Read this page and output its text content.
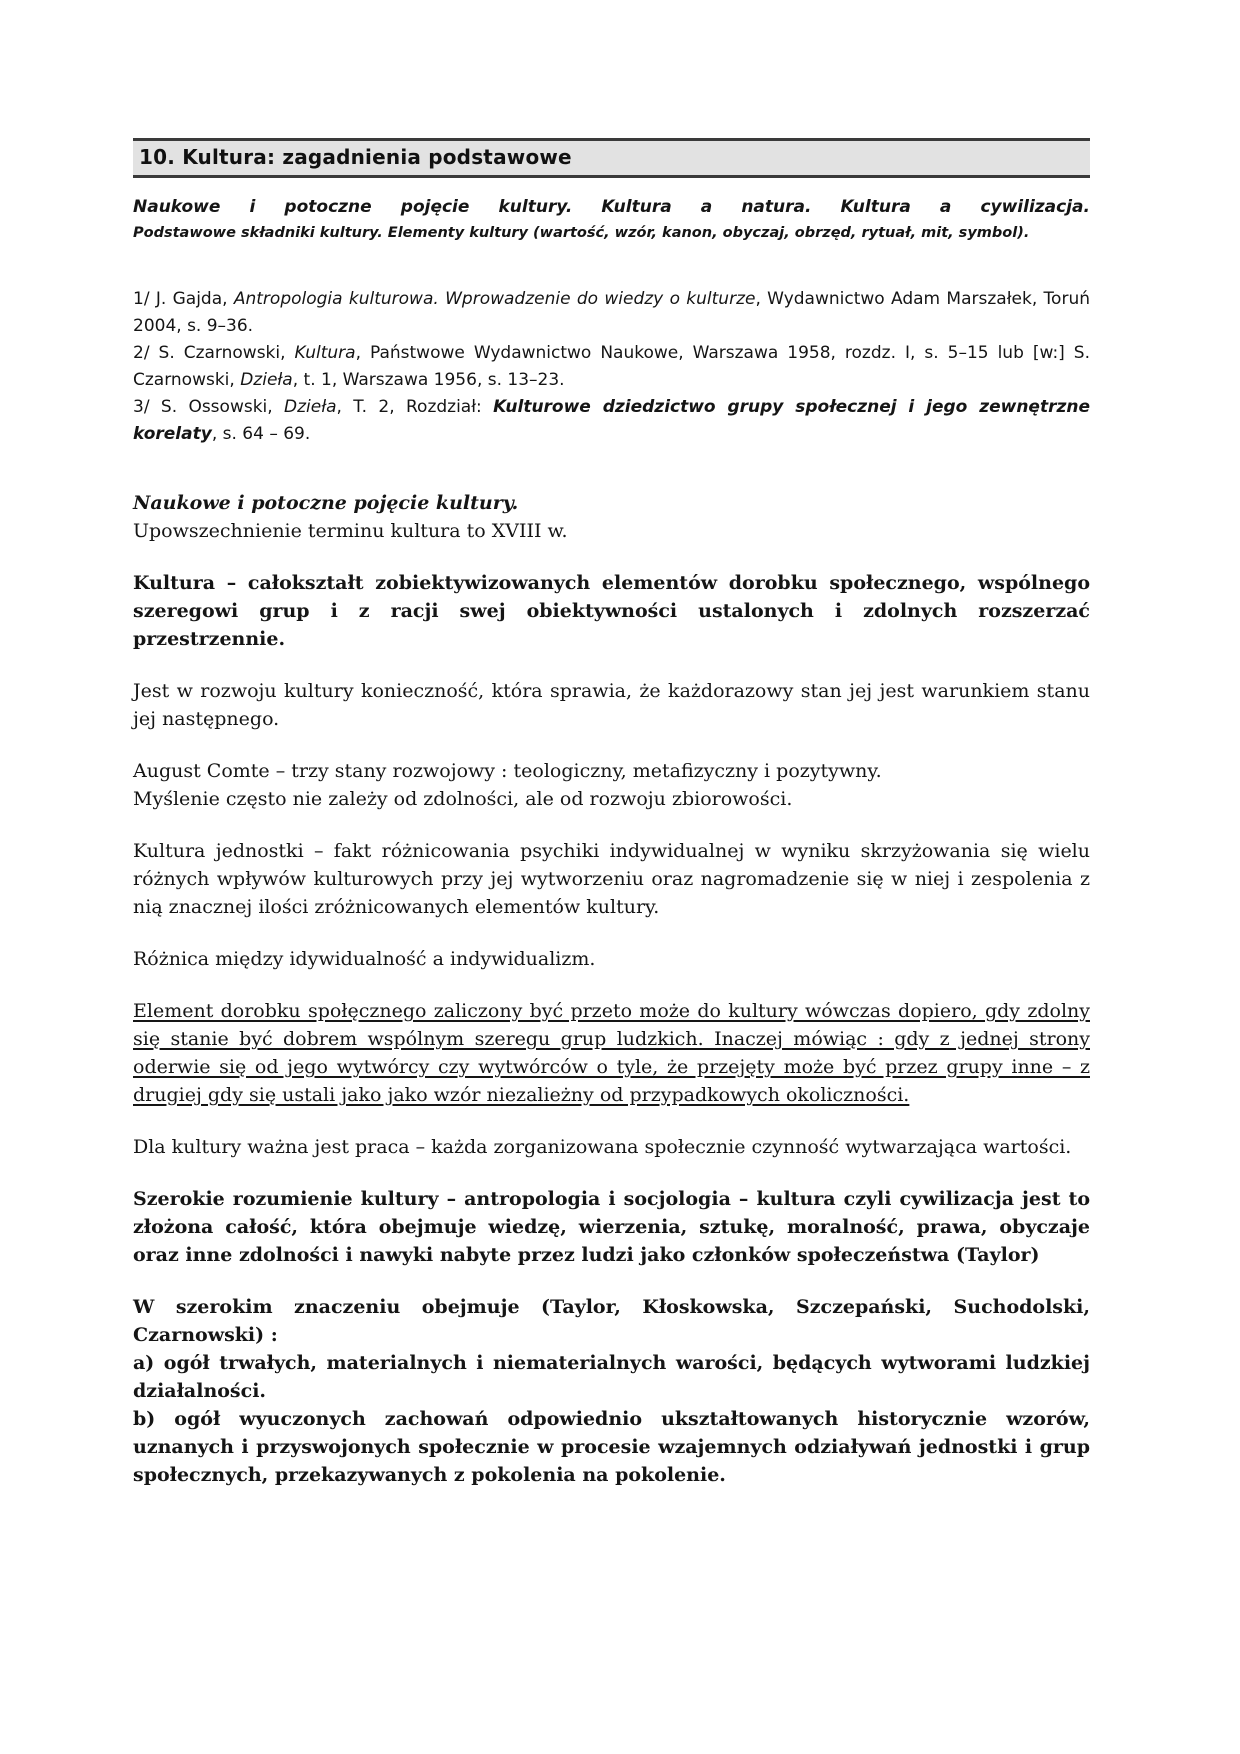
10. Kultura: zagadnienia podstawowe

Naukowe i potoczne pojęcie kultury. Kultura a natura. Kultura a cywilizacja.
Podstawowe składniki kultury. Elementy kultury (wartość, wzór, kanon, obyczaj, obrzęd, rytuał, mit, symbol).

1/ J. Gajda, Antropologia kulturowa. Wprowadzenie do wiedzy o kulturze, Wydawnictwo Adam Marszałek, Toruń 2004, s. 9–36.

2/ S. Czarnowski, Kultura, Państwowe Wydawnictwo Naukowe, Warszawa 1958, rozdz. I, s. 5–15 lub [w:] S. Czarnowski, Dzieła, t. 1, Warszawa 1956, s. 13–23.

3/ S. Ossowski, Dzieła, T. 2, Rozdział: Kulturowe dziedzictwo grupy społecznej i jego zewnętrzne korelaty, s. 64 – 69.

Naukowe i potoczne pojęcie kultury.

Upowszechnienie terminu kultura to XVIII w.

Kultura – całokształt zobiektywizowanych elementów dorobku społecznego, wspólnego szeregowi grup i z racji swej obiektywności ustalonych i zdolnych rozszerzać przestrzennie.

Jest w rozwoju kultury konieczność, która sprawia, że każdorazowy stan jej jest warunkiem stanu jej następnego.

August Comte – trzy stany rozwojowy : teologiczny, metafizyczny i pozytywny.

Myślenie często nie zależy od zdolności, ale od rozwoju zbiorowości.

Kultura jednostki – fakt różnicowania psychiki indywidualnej w wyniku skrzyżowania się wielu różnych wpływów kulturowych przy jej wytworzeniu oraz nagromadzenie się w niej i zespolenia z nią znacznej ilości zróżnicowanych elementów kultury.

Różnica między idywidualność a indywidualizm.

Element dorobku społęcznego zaliczony być przeto może do kultury wówczas dopiero, gdy zdolny się stanie być dobrem wspólnym szeregu grup ludzkich. Inaczej mówiąc : gdy z jednej strony oderwie się od jego wytwórcy czy wytwórców o tyle, że przejęty może być przez grupy inne – z drugiej gdy się ustali jako jako wzór niezalieżny od przypadkowych okoliczności.

Dla kultury ważna jest praca – każda zorganizowana społecznie czynność wytwarzająca wartości.

Szerokie rozumienie kultury – antropologia i socjologia – kultura czyli cywilizacja jest to złożona całość, która obejmuje wiedzę, wierzenia, sztukę, moralność, prawa, obyczaje oraz inne zdolności i nawyki nabyte przez ludzi jako członków społeczeństwa (Taylor)

W szerokim znaczeniu obejmuje (Taylor, Kłoskowska, Szczepański, Suchodolski, Czarnowski) :

a) ogół trwałych, materialnych i niematerialnych warości, będących wytworami ludzkiej działalności.

b) ogół wyuczonych zachowań odpowiednio ukształtowanych historycznie wzorów, uznanych i przyswojonych społecznie w procesie wzajemnych odziaływań jednostki i grup społecznych, przekazywanych z pokolenia na pokolenie.
